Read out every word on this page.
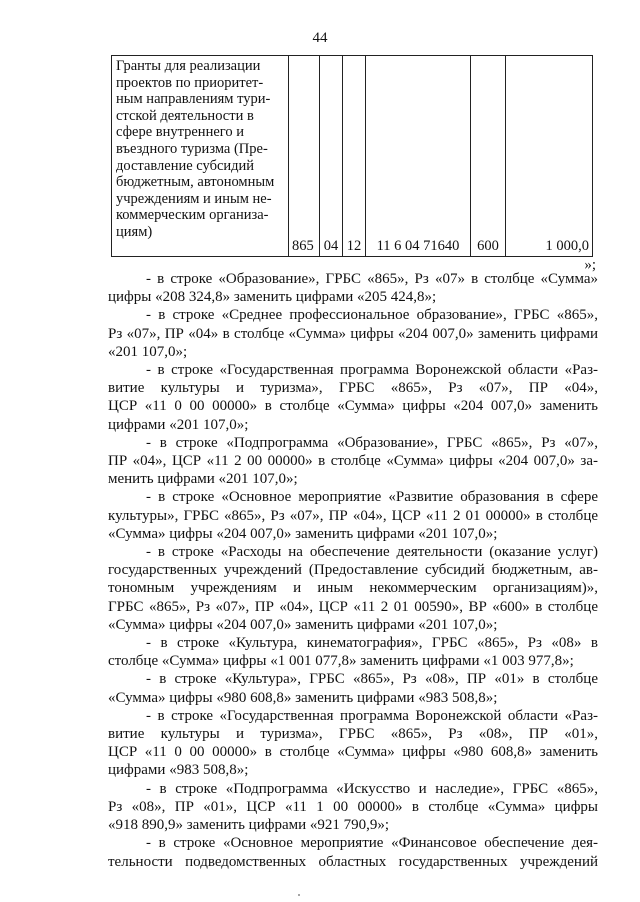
44
Гранты для реализации
проектов по приоритет-
ным направлениям тури-
стской деятельности в
сфере внутреннего и
въездного туризма (Пре-
доставление субсидий
бюджетным, автономным
учреждениям и иным не-
коммерческим организа-
циям)
	865	04	12	11 6 04 71640	600	1 000,0
»;
- в строке «Образование», ГРБС «865», Рз «07» в столбце «Сумма»
цифры «208 324,8» заменить цифрами «205 424,8»;
- в строке «Среднее профессиональное образование», ГРБС «865»,
Рз «07», ПР «04» в столбце «Сумма» цифры «204 007,0» заменить цифрами
«201 107,0»;
- в строке «Государственная программа Воронежской области «Раз-
витие культуры и туризма», ГРБС «865», Рз «07», ПР «04»,
ЦСР «11 0 00 00000» в столбце «Сумма» цифры «204 007,0» заменить
цифрами «201 107,0»;
- в строке «Подпрограмма «Образование», ГРБС «865», Рз «07»,
ПР «04», ЦСР «11 2 00 00000» в столбце «Сумма» цифры «204 007,0» за-
менить цифрами «201 107,0»;
- в строке «Основное мероприятие «Развитие образования в сфере
культуры», ГРБС «865», Рз «07», ПР «04», ЦСР «11 2 01 00000» в столбце
«Сумма» цифры «204 007,0» заменить цифрами «201 107,0»;
- в строке «Расходы на обеспечение деятельности (оказание услуг)
государственных учреждений (Предоставление субсидий бюджетным, ав-
тономным учреждениям и иным некоммерческим организациям)»,
ГРБС «865», Рз «07», ПР «04», ЦСР «11 2 01 00590», ВР «600» в столбце
«Сумма» цифры «204 007,0» заменить цифрами «201 107,0»;
- в строке «Культура, кинематография», ГРБС «865», Рз «08» в
столбце «Сумма» цифры «1 001 077,8» заменить цифрами «1 003 977,8»;
- в строке «Культура», ГРБС «865», Рз «08», ПР «01» в столбце
«Сумма» цифры «980 608,8» заменить цифрами «983 508,8»;
- в строке «Государственная программа Воронежской области «Раз-
витие культуры и туризма», ГРБС «865», Рз «08», ПР «01»,
ЦСР «11 0 00 00000» в столбце «Сумма» цифры «980 608,8» заменить
цифрами «983 508,8»;
- в строке «Подпрограмма «Искусство и наследие», ГРБС «865»,
Рз «08», ПР «01», ЦСР «11 1 00 00000» в столбце «Сумма» цифры
«918 890,9» заменить цифрами «921 790,9»;
- в строке «Основное мероприятие «Финансовое обеспечение дея-
тельности подведомственных областных государственных учреждений
